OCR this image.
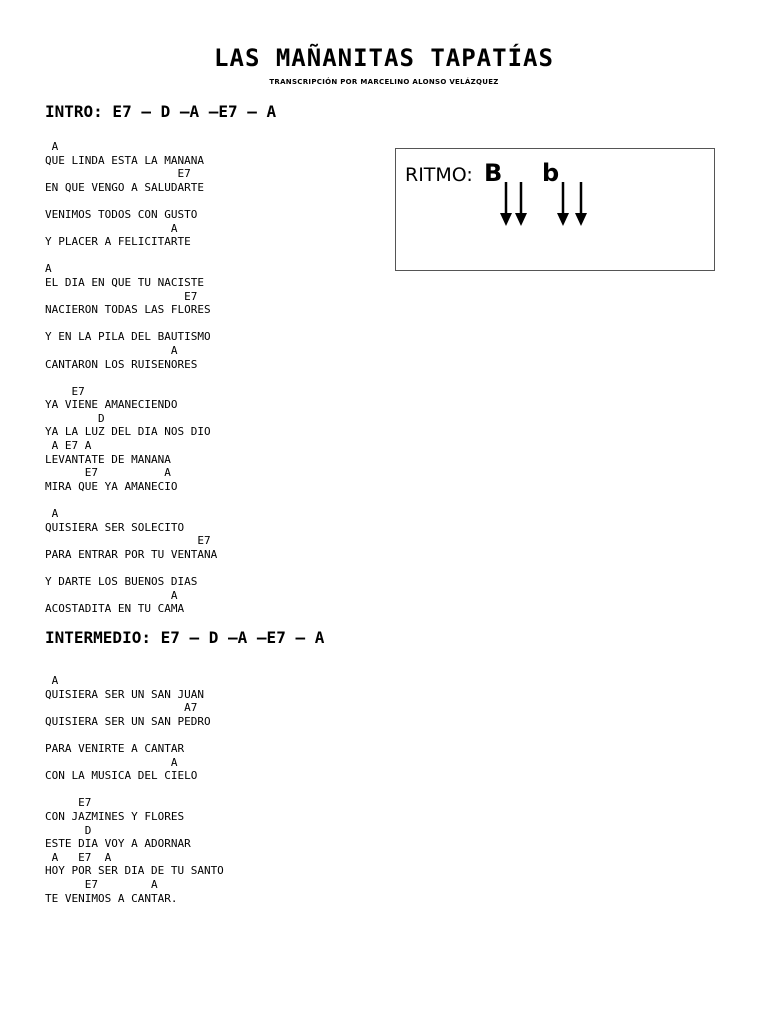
LAS MAÑANITAS TAPATÍAS
TRANSCRIPCIÓN POR MARCELINO ALONSO VELÁZQUEZ
INTRO: E7 – D –A –E7 – A
A
QUE LINDA ESTA LA MANANA
E7
EN QUE VENGO A SALUDARTE

VENIMOS TODOS CON GUSTO
A
Y PLACER A FELICITARTE

A
EL DIA EN QUE TU NACISTE
E7
NACIERON TODAS LAS FLORES

Y EN LA PILA DEL BAUTISMO
A
CANTARON LOS RUISENORES

E7
YA VIENE AMANECIENDO
D
YA LA LUZ DEL DIA NOS DIO
A E7 A
LEVANTATE DE MANANA
E7          A
MIRA QUE YA AMANECIO

A
QUISIERA SER SOLECITO
E7
PARA ENTRAR POR TU VENTANA

Y DARTE LOS BUENOS DIAS
A
ACOSTADITA EN TU CAMA
INTERMEDIO: E7 – D –A –E7 – A
A
QUISIERA SER UN SAN JUAN
A7
QUISIERA SER UN SAN PEDRO

PARA VENIRTE A CANTAR
A
CON LA MUSICA DEL CIELO

E7
CON JAZMINES Y FLORES
D
ESTE DIA VOY A ADORNAR
A   E7  A
HOY POR SER DIA DE TU SANTO
E7        A
TE VENIMOS A CANTAR.
RITMO: B b
